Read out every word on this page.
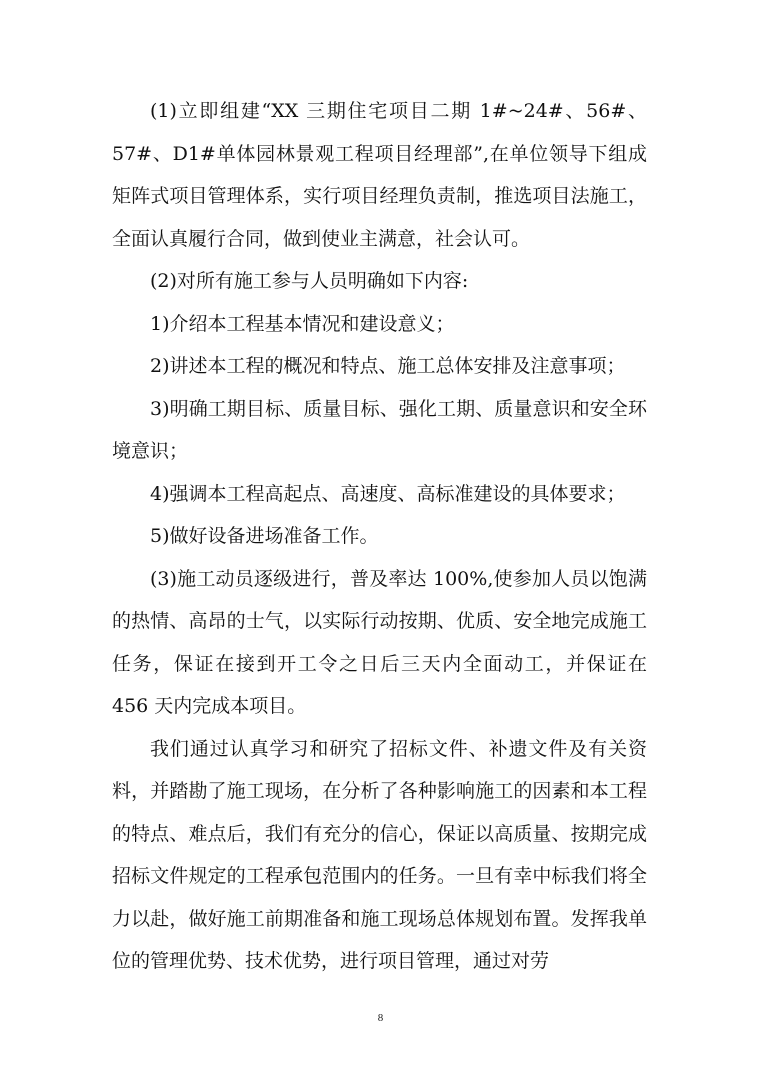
(1)立即组建“XX 三期住宅项目二期 1#~24#、56#、57#、D1#单体园林景观工程项目经理部”,在单位领导下组成矩阵式项目管理体系，实行项目经理负责制，推选项目法施工，全面认真履行合同，做到使业主满意，社会认可。

(2)对所有施工参与人员明确如下内容:

1)介绍本工程基本情况和建设意义；

2)讲述本工程的概况和特点、施工总体安排及注意事项；

3)明确工期目标、质量目标、强化工期、质量意识和安全环境意识；

4)强调本工程高起点、高速度、高标准建设的具体要求；

5)做好设备进场准备工作。

(3)施工动员逐级进行，普及率达 100%,使参加人员以饱满的热情、高昂的士气，以实际行动按期、优质、安全地完成施工任务，保证在接到开工令之日后三天内全面动工，并保证在 456 天内完成本项目。

我们通过认真学习和研究了招标文件、补遗文件及有关资料，并踏勘了施工现场，在分析了各种影响施工的因素和本工程的特点、难点后，我们有充分的信心，保证以高质量、按期完成招标文件规定的工程承包范围内的任务。一旦有幸中标我们将全力以赴，做好施工前期准备和施工现场总体规划布置。发挥我单位的管理优势、技术优势，进行项目管理，通过对劳

8
